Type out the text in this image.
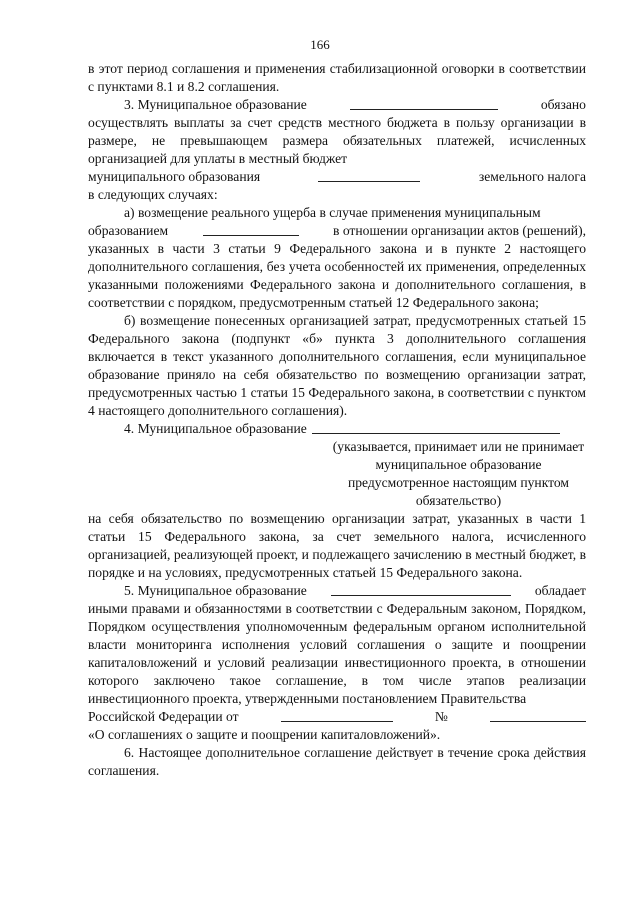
166

в этот период соглашения и применения стабилизационной оговорки в соответствии с пунктами 8.1 и 8.2 соглашения.

3. Муниципальное образование	обязано

осуществлять выплаты за счет средств местного бюджета в пользу организации в размере, не превышающем размера обязательных платежей, исчисленных организацией для уплаты в местный бюджет

муниципального образования	земельного налога

в следующих случаях:

а) возмещение реального ущерба в случае применения муниципальным
образованием	в отношении организации актов (решений),

указанных в части 3 статьи 9 Федерального закона и в пункте 2 настоящего дополнительного соглашения, без учета особенностей их применения, определенных указанными положениями Федерального закона и дополнительного соглашения, в соответствии с порядком, предусмотренным статьей 12 Федерального закона;

б) возмещение понесенных организацией затрат, предусмотренных статьей 15 Федерального закона (подпункт «б» пункта 3 дополнительного соглашения включается в текст указанного дополнительного соглашения, если муниципальное образование приняло на себя обязательство по возмещению организации затрат, предусмотренных частью 1 статьи 15 Федерального закона, в соответствии с пунктом 4 настоящего дополнительного соглашения).

4. Муниципальное образование

(указывается, принимает или не принимает муниципальное образование предусмотренное настоящим пунктом обязательство)

на себя обязательство по возмещению организации затрат, указанных в части 1 статьи 15 Федерального закона, за счет земельного налога, исчисленного организацией, реализующей проект, и подлежащего зачислению в местный бюджет, в порядке и на условиях, предусмотренных статьей 15 Федерального закона.

5. Муниципальное образование	обладает

иными правами и обязанностями в соответствии с Федеральным законом, Порядком, Порядком осуществления уполномоченным федеральным органом исполнительной власти мониторинга исполнения условий соглашения о защите и поощрении капиталовложений и условий реализации инвестиционного проекта, в отношении которого заключено такое соглашение, в том числе этапов реализации инвестиционного проекта, утвержденными постановлением Правительства

Российской Федерации от	№

«О соглашениях о защите и поощрении капиталовложений».

6. Настоящее дополнительное соглашение действует в течение срока действия соглашения.
